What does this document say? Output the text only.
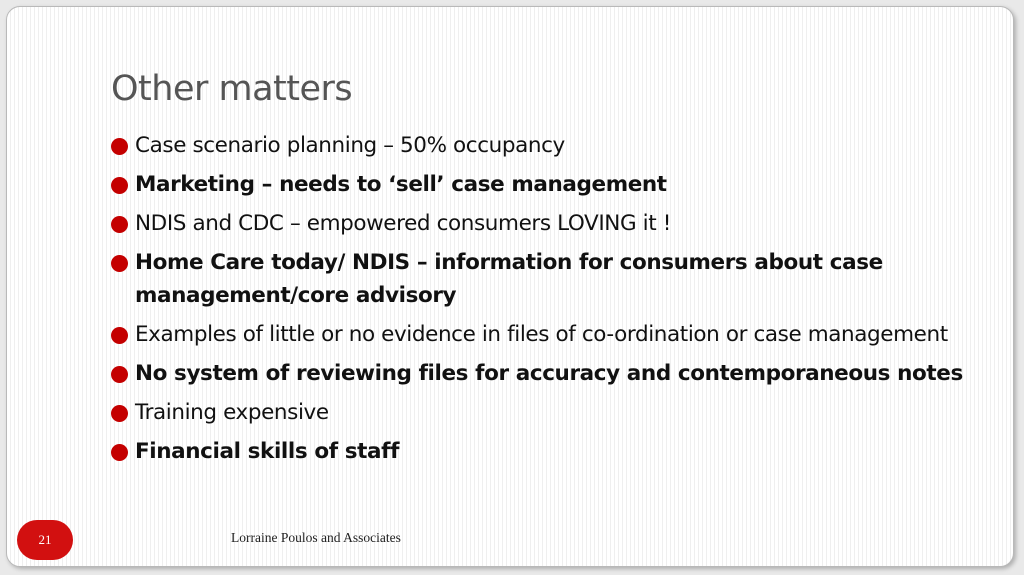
Other matters
Case scenario planning – 50% occupancy
Marketing – needs to ‘sell’ case management
NDIS and CDC – empowered consumers LOVING it !
Home Care today/ NDIS – information for consumers about case management/core advisory
Examples of little or no evidence in files of co-ordination or case management
No system of reviewing files for accuracy and contemporaneous notes
Training expensive
Financial skills of staff
21	Lorraine Poulos and Associates
